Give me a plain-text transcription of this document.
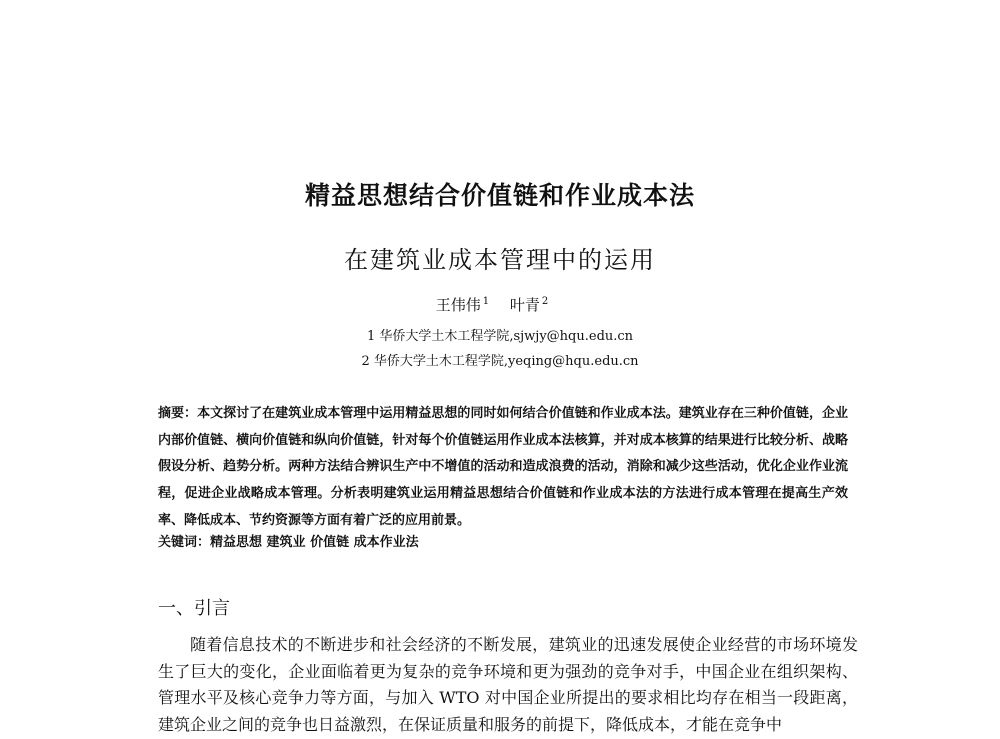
精益思想结合价值链和作业成本法
在建筑业成本管理中的运用
王伟伟 $^1$ 叶青 $^2$
1 华侨大学土木工程学院,sjwjy@hqu.edu.cn
2 华侨大学土木工程学院,yeqing@hqu.edu.cn
摘要：本文探讨了在建筑业成本管理中运用精益思想的同时如何结合价值链和作业成本法。建筑业存在三种价值链，企业内部价值链、横向价值链和纵向价值链，针对每个价值链运用作业成本法核算，并对成本核算的结果进行比较分析、战略假设分析、趋势分析。两种方法结合辨识生产中不增值的活动和造成浪费的活动，消除和减少这些活动，优化企业作业流程，促进企业战略成本管理。分析表明建筑业运用精益思想结合价值链和作业成本法的方法进行成本管理在提高生产效率、降低成本、节约资源等方面有着广泛的应用前景。
关键词：精益思想 建筑业 价值链 成本作业法
一、引言
随着信息技术的不断进步和社会经济的不断发展，建筑业的迅速发展使企业经营的市场环境发生了巨大的变化，企业面临着更为复杂的竞争环境和更为强劲的竞争对手，中国企业在组织架构、管理水平及核心竞争力等方面，与加入 WTO 对中国企业所提出的要求相比均存在相当一段距离，建筑企业之间的竞争也日益激烈，在保证质量和服务的前提下，降低成本，才能在竞争中
